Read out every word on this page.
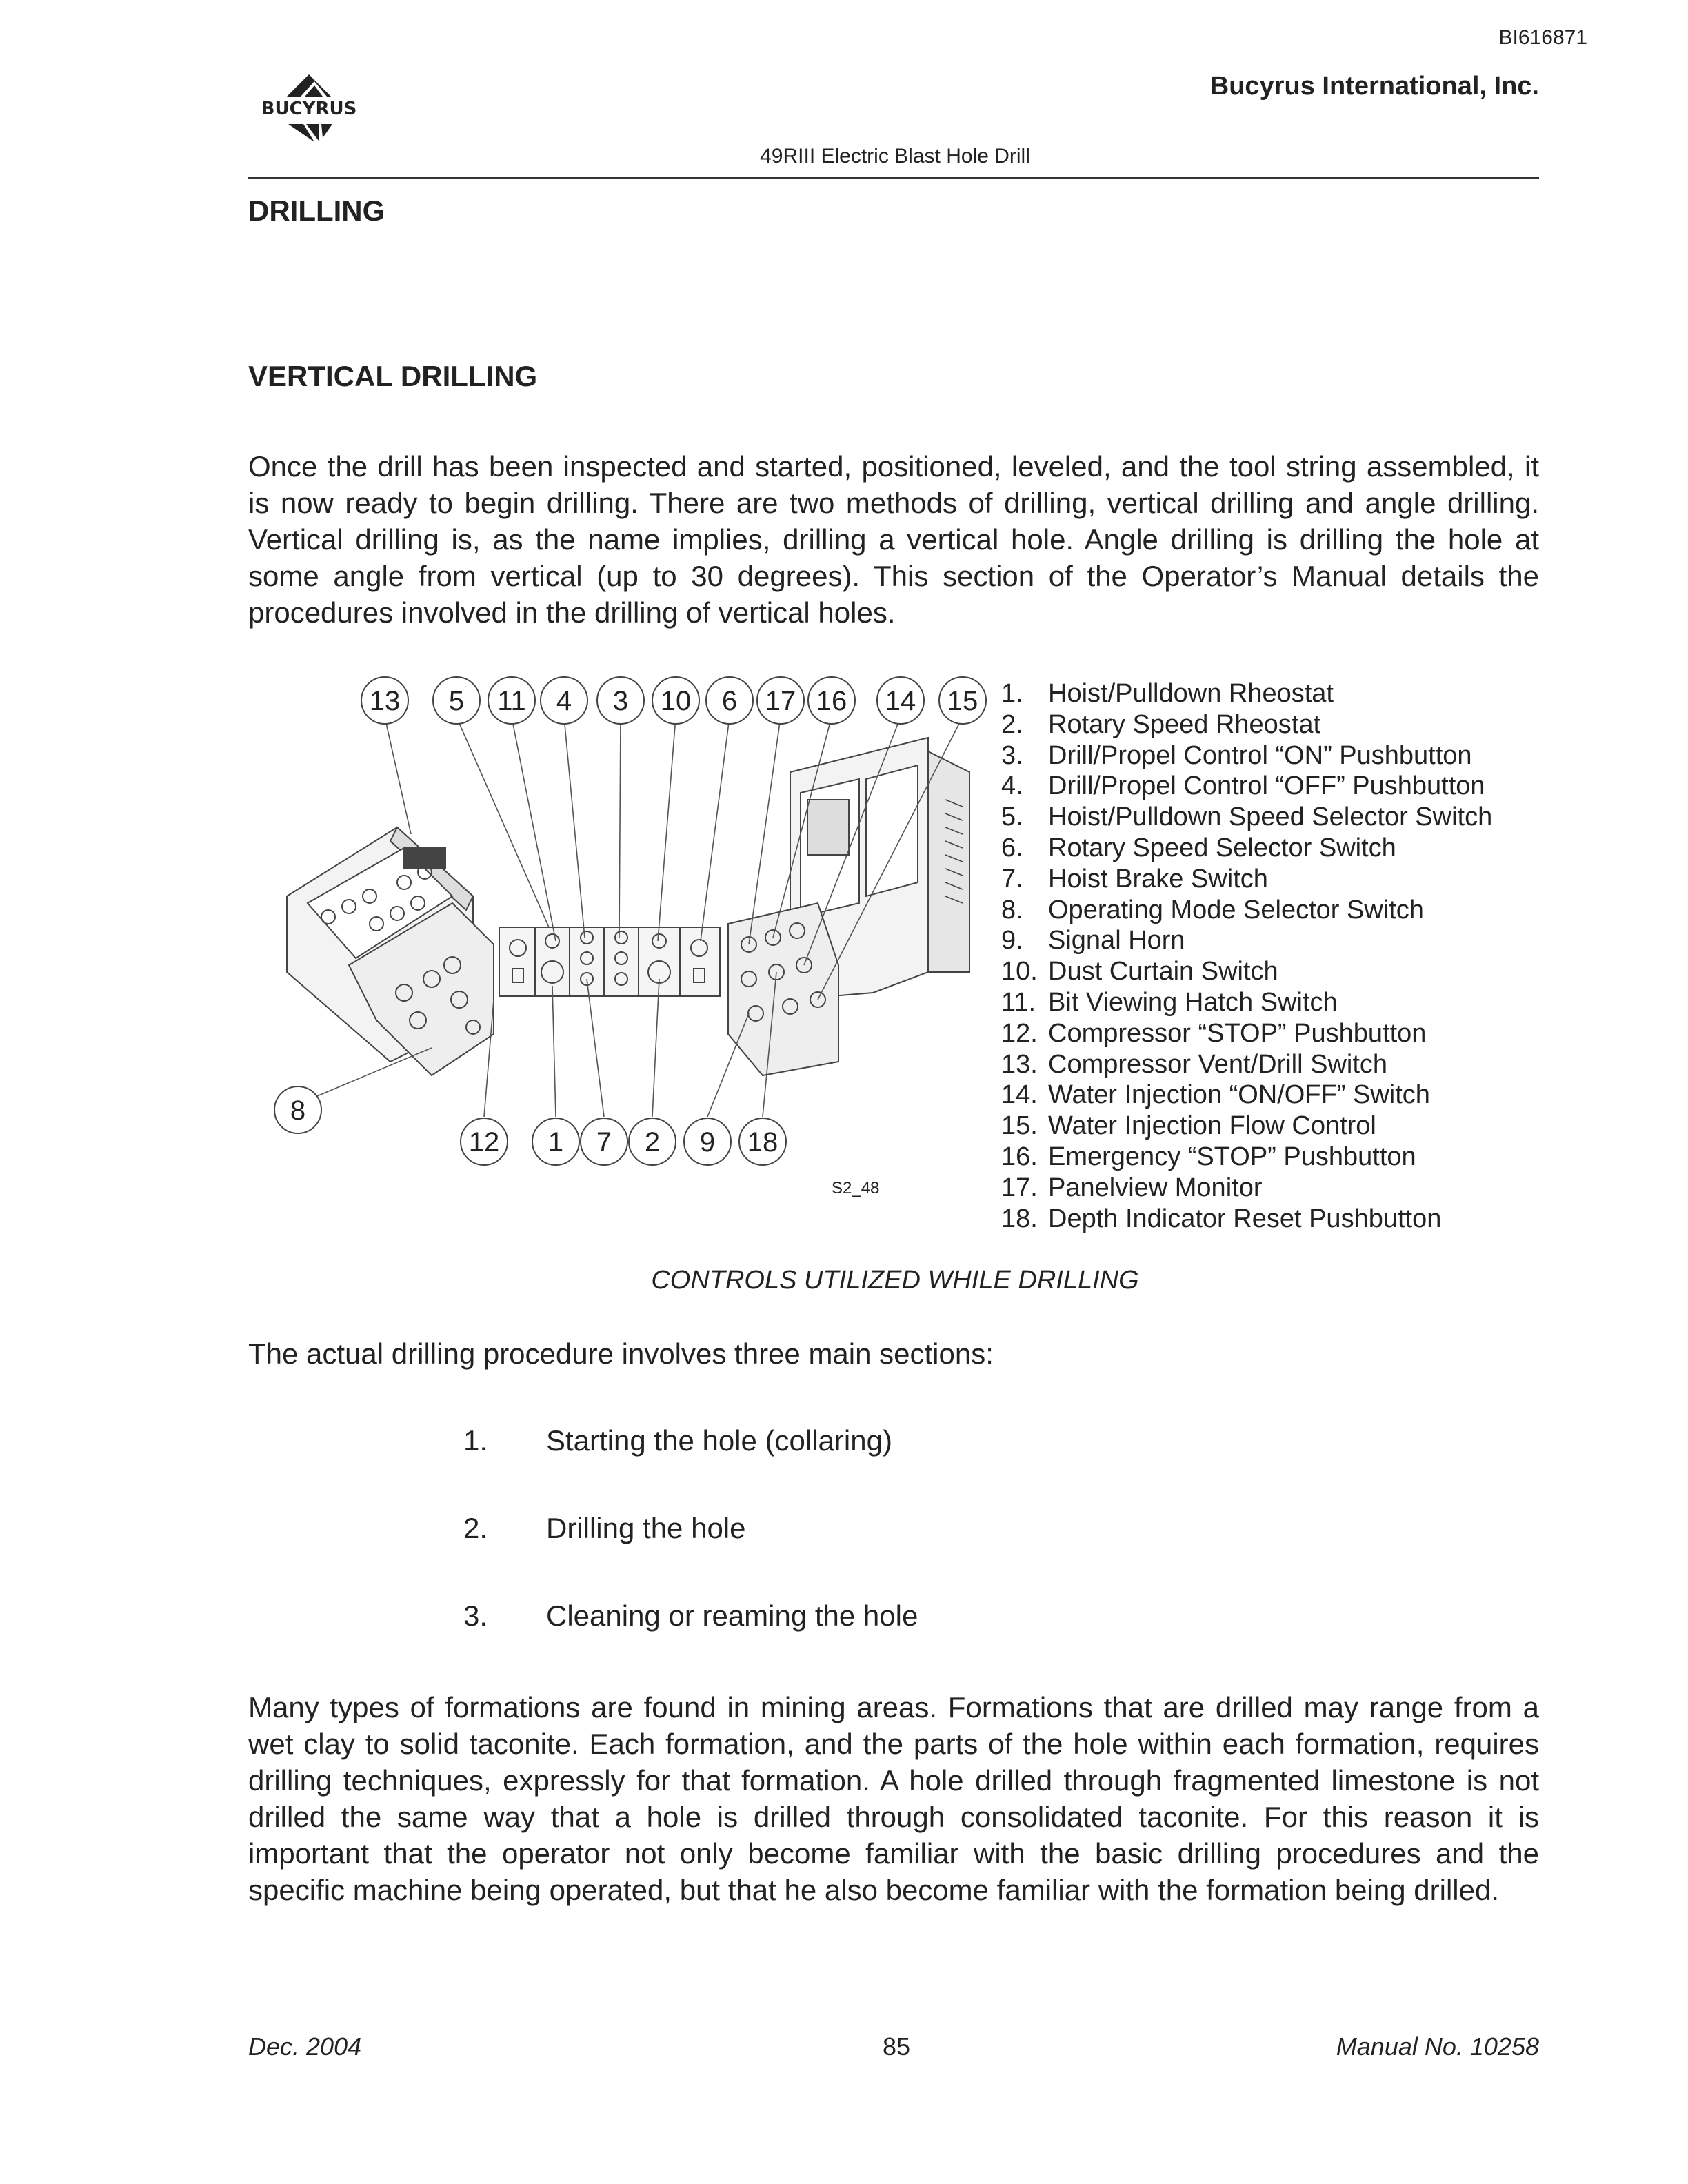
BI616871
BUCYRUS
Bucyrus International, Inc.
49RIII Electric Blast Hole Drill
DRILLING
VERTICAL DRILLING
Once the drill has been inspected and started, positioned, leveled, and the tool string assembled, it is now ready to begin drilling. There are two methods of drilling, vertical drilling and angle drilling. Vertical drilling is, as the name implies, drilling a vertical hole. Angle drilling is drilling the hole at some angle from vertical (up to 30 degrees). This section of the Operator’s Manual details the procedures involved in the drilling of vertical holes.
13 5 11 4 3 10 6 17 16 14 15
8
12 1 7 2 9 18
S2_48
1. Hoist/Pulldown Rheostat
2. Rotary Speed Rheostat
3. Drill/Propel Control “ON” Pushbutton
4. Drill/Propel Control “OFF” Pushbutton
5. Hoist/Pulldown Speed Selector Switch
6. Rotary Speed Selector Switch
7. Hoist Brake Switch
8. Operating Mode Selector Switch
9. Signal Horn
10. Dust Curtain Switch
11. Bit Viewing Hatch Switch
12. Compressor “STOP” Pushbutton
13. Compressor Vent/Drill Switch
14. Water Injection “ON/OFF” Switch
15. Water Injection Flow Control
16. Emergency “STOP” Pushbutton
17. Panelview Monitor
18. Depth Indicator Reset Pushbutton
CONTROLS UTILIZED WHILE DRILLING
The actual drilling procedure involves three main sections:
1. Starting the hole (collaring)
2. Drilling the hole
3. Cleaning or reaming the hole
Many types of formations are found in mining areas. Formations that are drilled may range from a wet clay to solid taconite. Each formation, and the parts of the hole within each formation, requires drilling techniques, expressly for that formation. A hole drilled through fragmented limestone is not drilled the same way that a hole is drilled through consolidated taconite. For this reason it is important that the operator not only become familiar with the basic drilling procedures and the specific machine being operated, but that he also become familiar with the formation being drilled.
Dec. 2004	85	Manual No. 10258
